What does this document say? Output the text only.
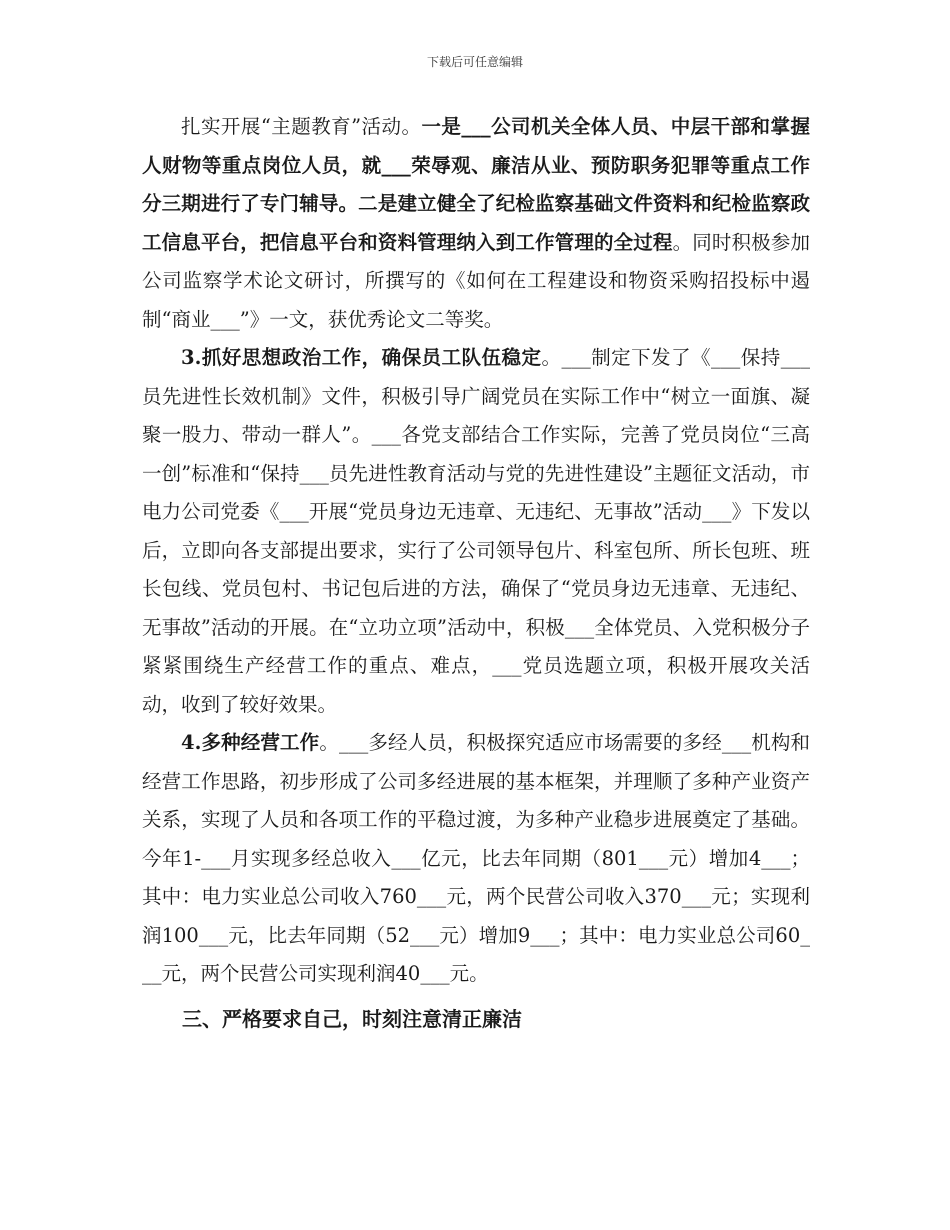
下载后可任意编辑

扎实开展“主题教育”活动。一是___公司机关全体人员、中层干部和掌握人财物等重点岗位人员，就___荣辱观、廉洁从业、预防职务犯罪等重点工作分三期进行了专门辅导。二是建立健全了纪检监察基础文件资料和纪检监察政工信息平台，把信息平台和资料管理纳入到工作管理的全过程。同时积极参加公司监察学术论文研讨，所撰写的《如何在工程建设和物资采购招投标中遏制“商业___”》一文，获优秀论文二等奖。

3.抓好思想政治工作，确保员工队伍稳定。___制定下发了《___保持___员先进性长效机制》文件，积极引导广阔党员在实际工作中“树立一面旗、凝聚一股力、带动一群人”。___各党支部结合工作实际，完善了党员岗位“三高一创”标准和“保持___员先进性教育活动与党的先进性建设”主题征文活动，市电力公司党委《___开展“党员身边无违章、无违纪、无事故”活动___》下发以后，立即向各支部提出要求，实行了公司领导包片、科室包所、所长包班、班长包线、党员包村、书记包后进的方法，确保了“党员身边无违章、无违纪、无事故”活动的开展。在“立功立项”活动中，积极___全体党员、入党积极分子紧紧围绕生产经营工作的重点、难点，___党员选题立项，积极开展攻关活动，收到了较好效果。

4.多种经营工作。___多经人员，积极探究适应市场需要的多经___机构和经营工作思路，初步形成了公司多经进展的基本框架，并理顺了多种产业资产关系，实现了人员和各项工作的平稳过渡，为多种产业稳步进展奠定了基础。今年1-___月实现多经总收入___亿元，比去年同期（801___元）增加4___；其中：电力实业总公司收入760___元，两个民营公司收入370___元；实现利润100___元，比去年同期（52___元）增加9___；其中：电力实业总公司60___元，两个民营公司实现利润40___元。

三、严格要求自己，时刻注意清正廉洁
